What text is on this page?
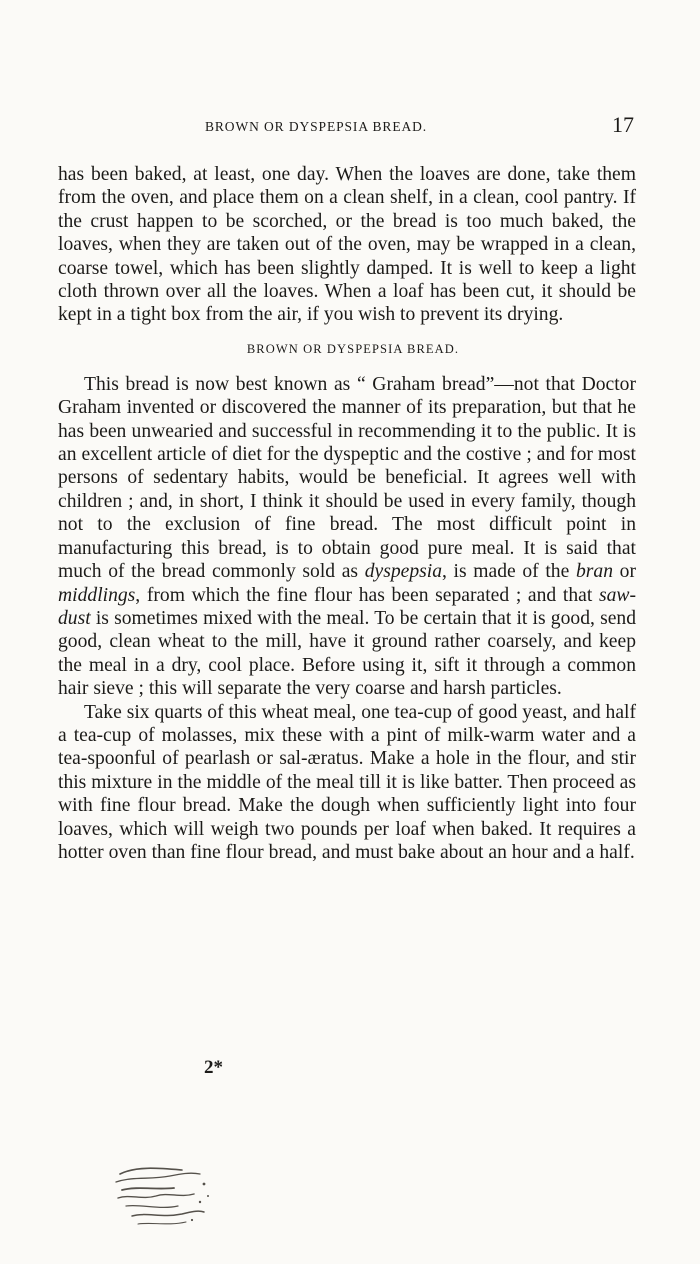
BROWN OR DYSPEPSIA BREAD.	17

has been baked, at least, one day. When the loaves are done, take them from the oven, and place them on a clean shelf, in a clean, cool pantry. If the crust happen to be scorched, or the bread is too much baked, the loaves, when they are taken out of the oven, may be wrapped in a clean, coarse towel, which has been slightly damped. It is well to keep a light cloth thrown over all the loaves. When a loaf has been cut, it should be kept in a tight box from the air, if you wish to prevent its drying.

BROWN OR DYSPEPSIA BREAD.

This bread is now best known as “ Graham bread”—not that Doctor Graham invented or discovered the manner of its preparation, but that he has been unwearied and successful in recommending it to the public. It is an excellent article of diet for the dyspeptic and the costive ; and for most persons of sedentary habits, would be beneficial. It agrees well with children ; and, in short, I think it should be used in every family, though not to the exclusion of fine bread. The most difficult point in manufacturing this bread, is to obtain good pure meal. It is said that much of the bread commonly sold as dyspepsia, is made of the bran or middlings, from which the fine flour has been separated ; and that saw-dust is sometimes mixed with the meal. To be certain that it is good, send good, clean wheat to the mill, have it ground rather coarsely, and keep the meal in a dry, cool place. Before using it, sift it through a common hair sieve ; this will separate the very coarse and harsh particles.

Take six quarts of this wheat meal, one tea-cup of good yeast, and half a tea-cup of molasses, mix these with a pint of milk-warm water and a tea-spoonful of pearlash or sal-æratus. Make a hole in the flour, and stir this mixture in the middle of the meal till it is like batter. Then proceed as with fine flour bread. Make the dough when sufficiently light into four loaves, which will weigh two pounds per loaf when baked. It requires a hotter oven than fine flour bread, and must bake about an hour and a half.

2*
